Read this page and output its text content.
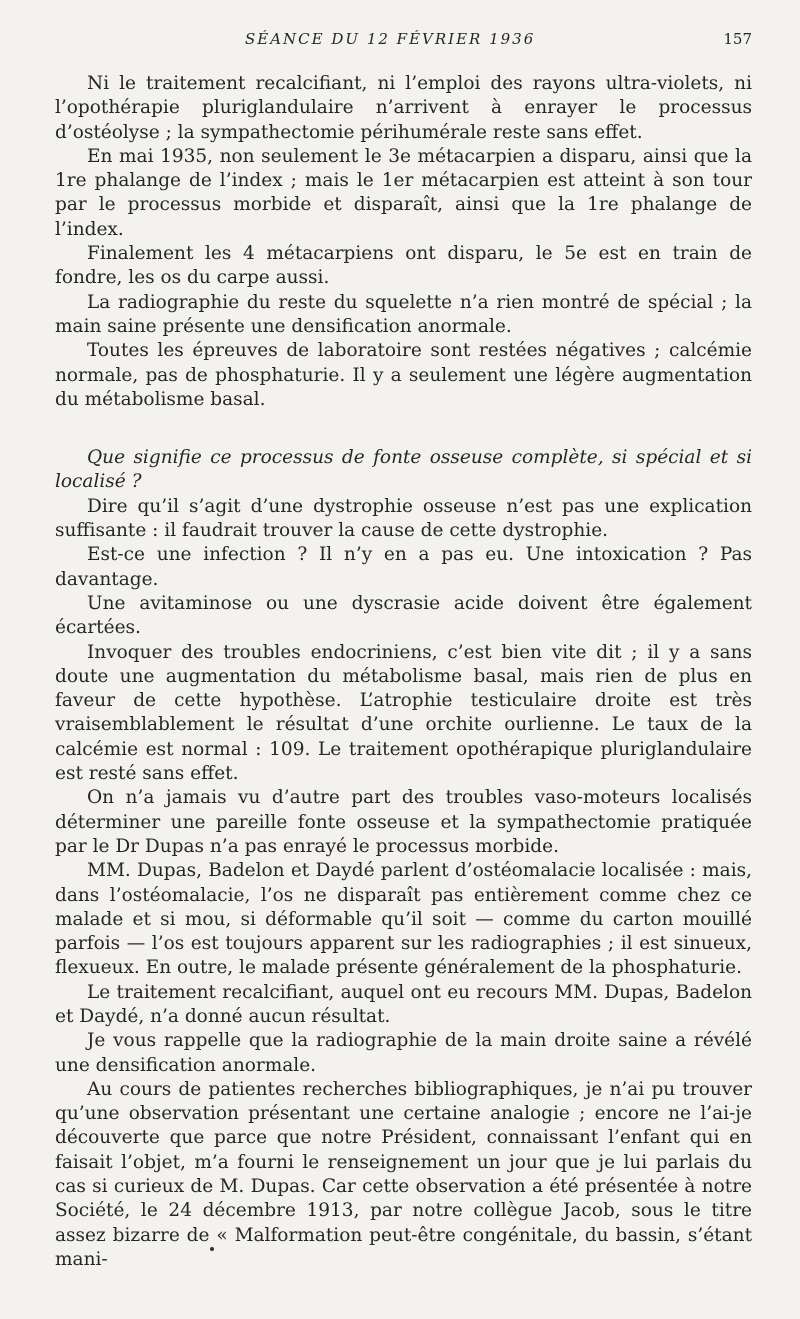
SÉANCE DU 12 FÉVRIER 1936	157

Ni le traitement recalcifiant, ni l’emploi des rayons ultra-violets, ni l’opothérapie pluriglandulaire n’arrivent à enrayer le processus d’ostéolyse ; la sympathectomie périhumérale reste sans effet.

En mai 1935, non seulement le 3e métacarpien a disparu, ainsi que la 1re phalange de l’index ; mais le 1er métacarpien est atteint à son tour par le processus morbide et disparaît, ainsi que la 1re phalange de l’index.

Finalement les 4 métacarpiens ont disparu, le 5e est en train de fondre, les os du carpe aussi.

La radiographie du reste du squelette n’a rien montré de spécial ; la main saine présente une densification anormale.

Toutes les épreuves de laboratoire sont restées négatives ; calcémie normale, pas de phosphaturie. Il y a seulement une légère augmentation du métabolisme basal.

Que signifie ce processus de fonte osseuse complète, si spécial et si localisé ?

Dire qu’il s’agit d’une dystrophie osseuse n’est pas une explication suffisante : il faudrait trouver la cause de cette dystrophie.

Est-ce une infection ? Il n’y en a pas eu. Une intoxication ? Pas davantage.

Une avitaminose ou une dyscrasie acide doivent être également écartées.

Invoquer des troubles endocriniens, c’est bien vite dit ; il y a sans doute une augmentation du métabolisme basal, mais rien de plus en faveur de cette hypothèse. L’atrophie testiculaire droite est très vraisemblablement le résultat d’une orchite ourlienne. Le taux de la calcémie est normal : 109. Le traitement opothérapique pluriglandulaire est resté sans effet.

On n’a jamais vu d’autre part des troubles vaso-moteurs localisés déterminer une pareille fonte osseuse et la sympathectomie pratiquée par le Dr Dupas n’a pas enrayé le processus morbide.

MM. Dupas, Badelon et Daydé parlent d’ostéomalacie localisée : mais, dans l’ostéomalacie, l’os ne disparaît pas entièrement comme chez ce malade et si mou, si déformable qu’il soit — comme du carton mouillé parfois — l’os est toujours apparent sur les radiographies ; il est sinueux, flexueux. En outre, le malade présente généralement de la phosphaturie.

Le traitement recalcifiant, auquel ont eu recours MM. Dupas, Badelon et Daydé, n’a donné aucun résultat.

Je vous rappelle que la radiographie de la main droite saine a révélé une densification anormale.

Au cours de patientes recherches bibliographiques, je n’ai pu trouver qu’une observation présentant une certaine analogie ; encore ne l’ai-je découverte que parce que notre Président, connaissant l’enfant qui en faisait l’objet, m’a fourni le renseignement un jour que je lui parlais du cas si curieux de M. Dupas. Car cette observation a été présentée à notre Société, le 24 décembre 1913, par notre collègue Jacob, sous le titre assez bizarre de « Malformation peut-être congénitale, du bassin, s’étant mani-
